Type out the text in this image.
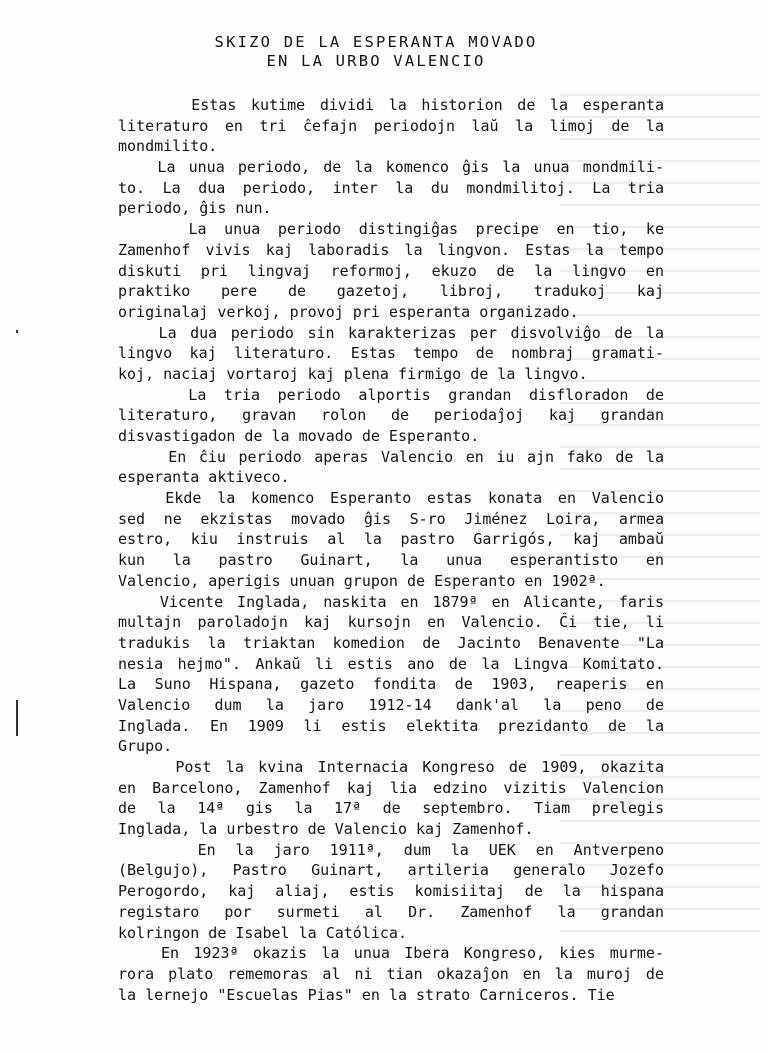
SKIZO DE LA ESPERANTA MOVADO
EN LA URBO VALENCIO
Estas kutime dividi la historion de la esperanta
literaturo en tri ĉefajn periodojn laŭ la limoj de la
mondmilito.
La unua periodo, de la komenco ĝis la unua mondmili-
to. La dua periodo, inter la du mondmilitoj. La tria
periodo, ĝis nun.
La unua periodo distingiĝas precipe en tio, ke
Zamenhof vivis kaj laboradis la lingvon. Estas la tempo
diskuti pri lingvaj reformoj, ekuzo de la lingvo en
praktiko pere de gazetoj, libroj, tradukoj kaj
originalaj verkoj, provoj pri esperanta organizado.
La dua periodo sin karakterizas per disvolviĝo de la
lingvo kaj literaturo. Estas tempo de nombraj gramati-
koj, naciaj vortaroj kaj plena firmigo de la lingvo.
La tria periodo alportis grandan disfloradon de
literaturo, gravan rolon de periodaĵoj kaj grandan
disvastigadon de la movado de Esperanto.
En ĉiu periodo aperas Valencio en iu ajn fako de la
esperanta aktiveco.
Ekde la komenco Esperanto estas konata en Valencio
sed ne ekzistas movado ĝis S-ro Jiménez Loira, armea
estro, kiu instruis al la pastro Garrigós, kaj ambaŭ
kun la pastro Guinart, la unua esperantisto en
Valencio, aperigis unuan grupon de Esperanto en 1902ª.
Vicente Inglada, naskita en 1879ª en Alicante, faris
multajn paroladojn kaj kursojn en Valencio. Ĉi tie, li
tradukis la triaktan komedion de Jacinto Benavente "La
nesia hejmo". Ankaŭ li estis ano de la Lingva Komitato.
La Suno Hispana, gazeto fondita de 1903, reaperis en
Valencio dum la jaro 1912-14 dank'al la peno de
Inglada. En 1909 li estis elektita prezidanto de la
Grupo.
Post la kvina Internacia Kongreso de 1909, okazita
en Barcelono, Zamenhof kaj lia edzino vizitis Valencion
de la 14ª gis la 17ª de septembro. Tiam prelegis
Inglada, la urbestro de Valencio kaj Zamenhof.
En la jaro 1911ª, dum la UEK en Antverpeno
(Belgujo), Pastro Guinart, artileria generalo Jozefo
Perogordo, kaj aliaj, estis komisiitaj de la hispana
registaro por surmeti al Dr. Zamenhof la grandan
kolringon de Isabel la Católica.
En 1923ª okazis la unua Ibera Kongreso, kies murme-
rora plato rememoras al ni tian okazaĵon en la muroj de
la lernejo "Escuelas Pias" en la strato Carniceros. Tie
